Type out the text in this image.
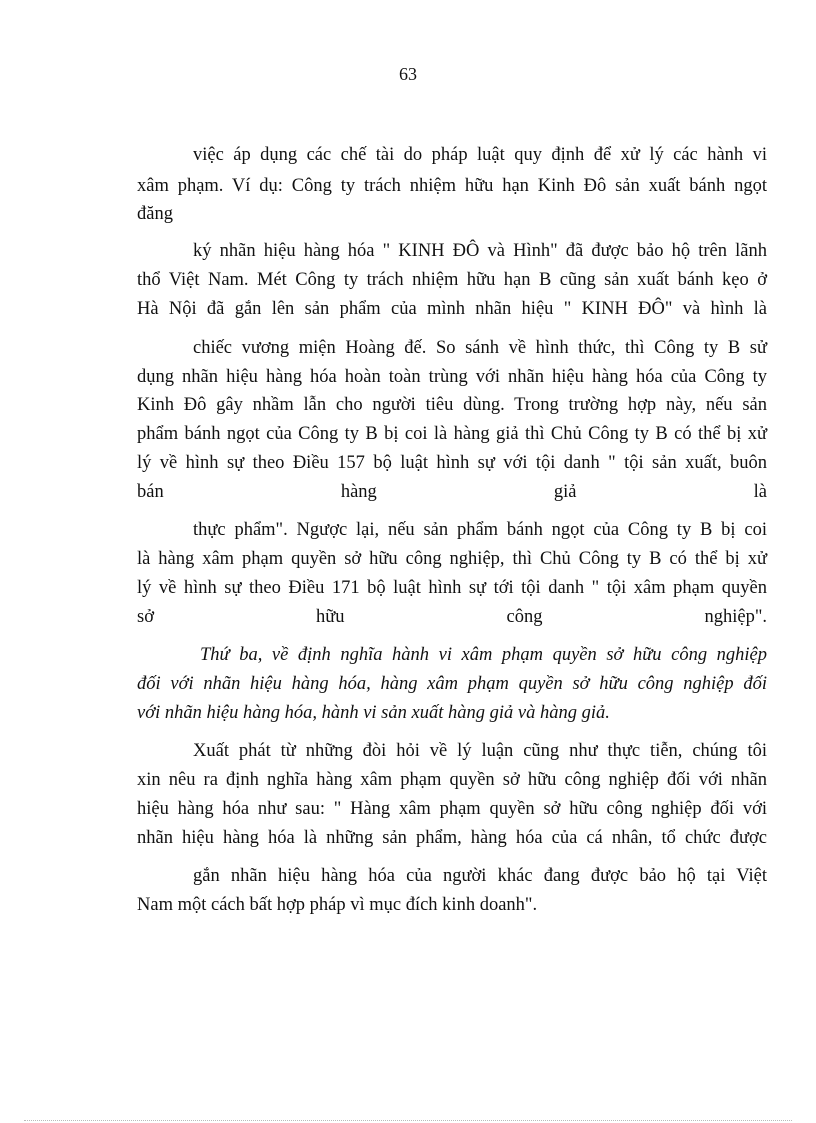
63
việc áp dụng các chế tài do pháp luật quy định để xử lý các hành vi
xâm phạm. Ví dụ: Công ty trách nhiệm hữu hạn Kinh Đô sản xuất bánh ngọt
đăng
ký nhãn hiệu hàng hóa " KINH ĐÔ và Hình" đã được bảo hộ trên lãnh
thổ Việt Nam. Mét Công ty trách nhiệm hữu hạn B cũng sản xuất bánh kẹo ở
Hà Nội đã gắn lên sản phẩm của mình nhãn hiệu " KINH ĐÔ" và hình là
chiếc vương miện Hoàng đế. So sánh về hình thức, thì Công ty B sử
dụng nhãn hiệu hàng hóa hoàn toàn trùng với nhãn hiệu hàng hóa của Công ty
Kinh Đô gây nhầm lẫn cho người tiêu dùng. Trong trường hợp này, nếu sản
phẩm bánh ngọt của Công ty B bị coi là hàng giả thì Chủ Công ty B có thể bị xử
lý về hình sự theo Điều 157 bộ luật hình sự với tội danh " tội sản xuất, buôn
bán hàng giả là
thực phẩm". Ngược lại, nếu sản phẩm bánh ngọt của Công ty B bị coi
là hàng xâm phạm quyền sở hữu công nghiệp, thì Chủ Công ty B có thể bị xử
lý về hình sự theo Điều 171 bộ luật hình sự tới tội danh " tội xâm phạm quyền
sở hữu công nghiệp".
Thứ ba, về định nghĩa hành vi xâm phạm quyền sở hữu công nghiệp
đối với nhãn hiệu hàng hóa, hàng xâm phạm quyền sở hữu công nghiệp đối
với nhãn hiệu hàng hóa, hành vi sản xuất hàng giả và hàng giả.
Xuất phát từ những đòi hỏi về lý luận cũng như thực tiễn, chúng tôi
xin nêu ra định nghĩa hàng xâm phạm quyền sở hữu công nghiệp đối với nhãn
hiệu hàng hóa như sau: " Hàng xâm phạm quyền sở hữu công nghiệp đối với
nhãn hiệu hàng hóa là những sản phẩm, hàng hóa của cá nhân, tổ chức được
gắn nhãn hiệu hàng hóa của người khác đang được bảo hộ tại Việt
Nam một cách bất hợp pháp vì mục đích kinh doanh".
